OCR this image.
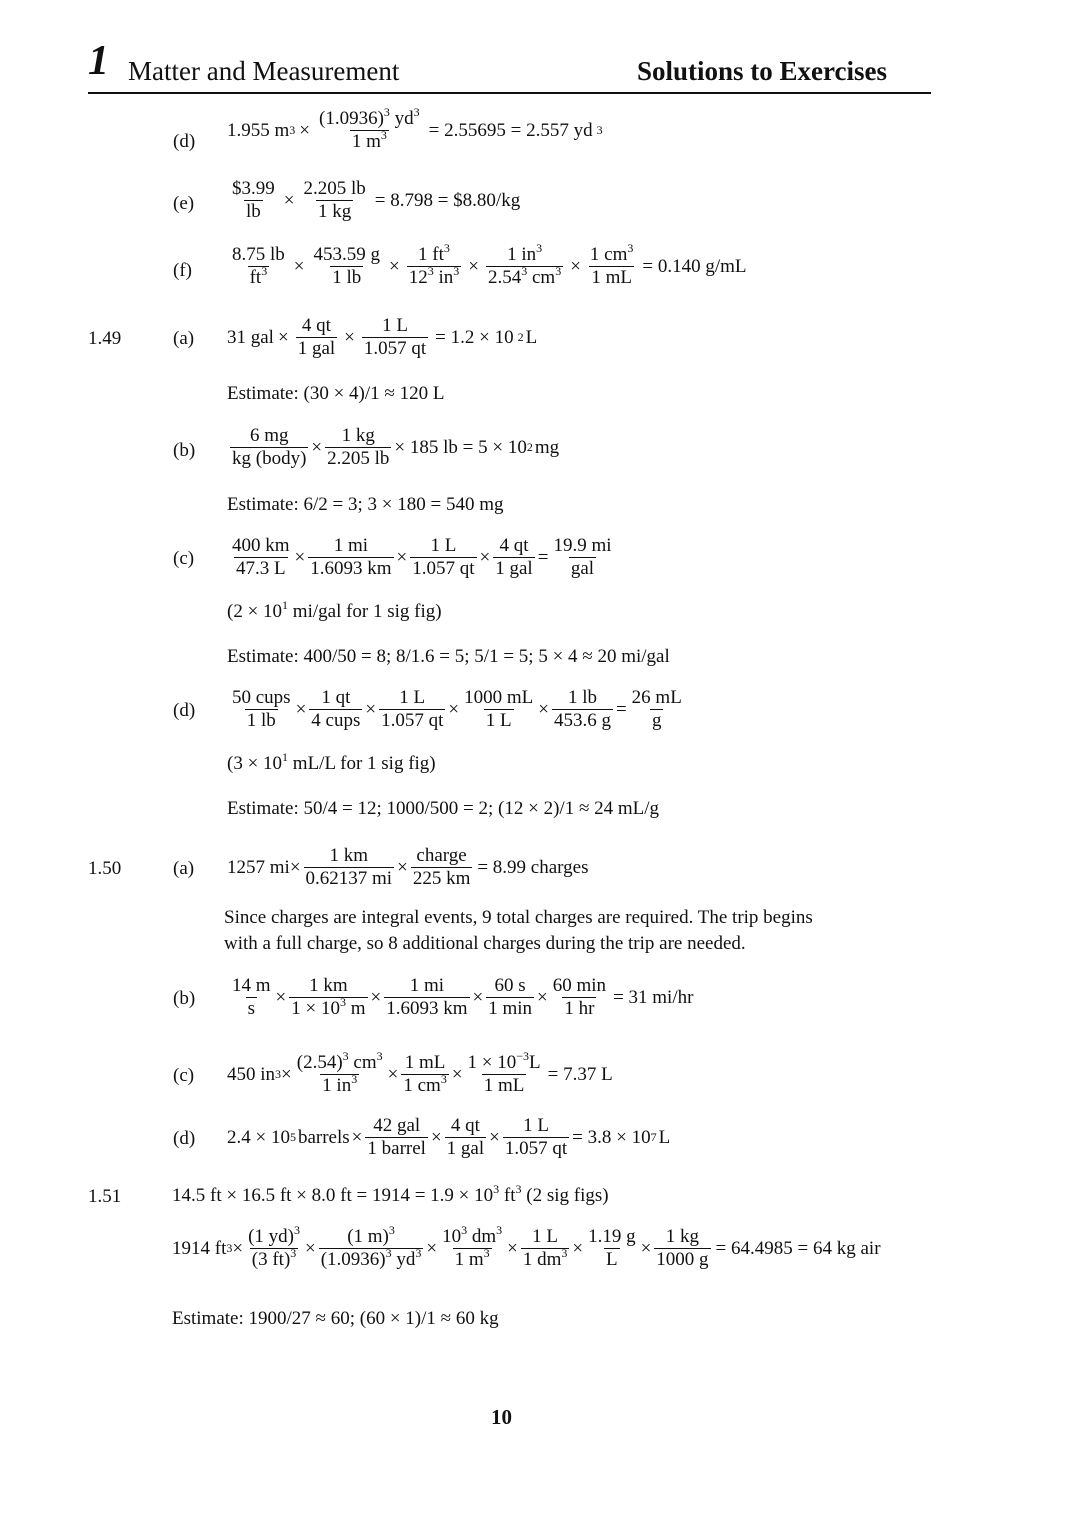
1 Matter and Measurement	Solutions to Exercises
(d)
1.955 $m^3 \times \frac{(1.0936)^3 yd^3}{1 m^3} = 2.55695 = 2.557$ yd $^3$
$(e) \frac{\$3.99}{lb} \times \frac{2.205 lb}{1 kg} = 8.798$ = $8.80/kg
$(f) \frac{8.75 lb}{ft^3} \times \frac{453.59 g}{1 lb} \times \frac{1 ft^3}{12^3 in^3} \times \frac{1 in^3}{2.54^3 cm^3} \times \frac{1 cm^3}{1 mL} = 0.140$ g/mL
1.49	(a) 31 gal × $\frac{4 qt}{\text{1 gal}} \times \frac{1 L}{1.057 qt} = 1.2 \times 10$ $^2$ L
Estimate: (30 × 4)/1 ≈ 120 L
$(b) \frac{6 mg}{\text{kg (body)}} \times \frac{1 kg}{2.205 lb} \times 185$ lb = $5 \times 10^2$ mg
Estimate: 6/2 = 3; 3 × 180 = 540 mg
$(c) \frac{400 km}{47.3 L} \times \frac{1 mi}{1.6093 km} \times \frac{1 L}{1.057 qt} \times \frac{4 qt}{\text{1 gal}} = \frac{19.9 mi}{\text{gal}}$
($2 \times 10^1$ mi/gal for 1 sig fig)
Estimate: 400/50 = 8; 8/1.6 = 5; 5/1 = 5; 5 × 4 ≈ 20 mi/gal
$(d) \frac{\text{50 cups}}{1 lb} \times \frac{1 qt}{\text{4 cups}} \times \frac{1 L}{1.057 qt} \times \frac{1000 mL}{1 L} \times \frac{1 lb}{453.6 g} = \frac{26 mL}{g}$
($3 \times 10^1$ mL/L for 1 sig fig)
Estimate: 50/4 = 12; 1000/500 = 2; (12 × 2)/1 ≈ 24 mL/g
1.50	(a) 1257 mi × $\frac{1 km}{0.62137 mi} \times \frac{\text{charge}}{225 km} = 8.99$ charges
Since charges are integral events, 9 total charges are required. The trip begins
with a full charge, so 8 additional charges during the trip are needed.
$(b) \frac{14 m}{s} \times \frac{1 km}{1 \times 10^3 m} \times \frac{1 mi}{1.6093 km} \times \frac{60 s}{1 \min} \times \frac{60 \min}{1 hr} = 31$ mi/hr
(c) 450 $in^3 \times \frac{(2.54)^3 cm^3}{1 in^3} \times \frac{1 mL}{1 cm^3} \times \frac{1 \times 10^{-3}L}{1 mL} = 7.37$ L
(d) $2.4 \times 10^5$ barrels × $\frac{\text{42 gal}}{\text{1 barrel}} \times \frac{4 qt}{\text{1 gal}} \times \frac{1 L}{1.057 qt} = 3.8 \times 10^7$ L
1.51	14.5 ft × 16.5 ft × 8.0 ft = $1914 = 1.9 \times 10^3$ $ft^3$ (2 sig figs)
1914 $ft^3 \times \frac{(1 yd)^3}{(3 ft)^3} \times \frac{(1 m)^3}{(1.0936)^3 yd^3} \times \frac{10^3 dm^3}{1 m^3} \times \frac{1 L}{1 dm^3} \times \frac{1.19 g}{L} \times \frac{1 kg}{1000 g} = 64.4985 = 64$ kg air
Estimate: 1900/27 ≈ 60; (60 × 1)/1 ≈ 60 kg
10
